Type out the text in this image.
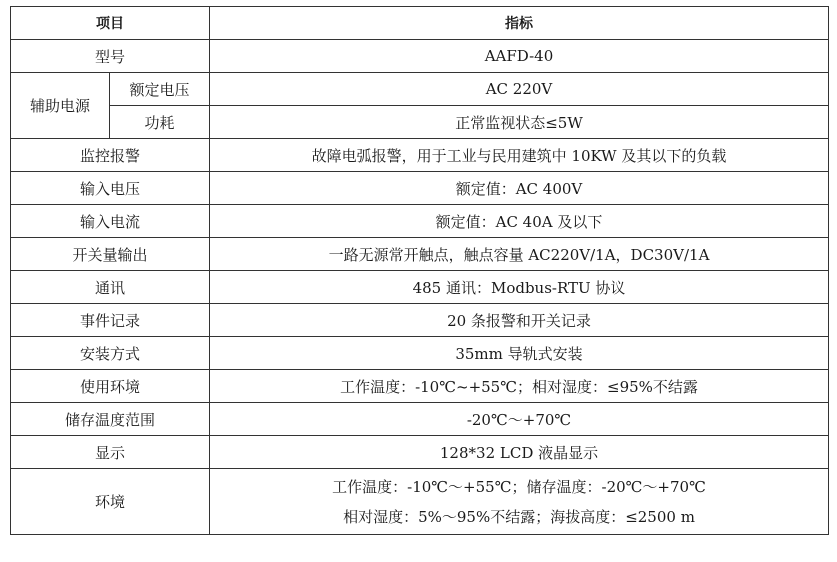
项目		指标
型号		AAFD-40
辅助电源	额定电压	AC 220V
	功耗	正常监视状态≤5W
监控报警		故障电弧报警，用于工业与民用建筑中 10KW 及其以下的负载
输入电压		额定值：AC 400V
输入电流		额定值：AC 40A 及以下
开关量输出		一路无源常开触点，触点容量 AC220V/1A，DC30V/1A
通讯		485 通讯：Modbus-RTU 协议
事件记录		20 条报警和开关记录
安装方式		35mm 导轨式安装
使用环境		工作温度：-10℃~+55℃；相对湿度：≤95%不结露
储存温度范围		-20℃～+70℃
显示		128*32 LCD 液晶显示
环境		工作温度：-10℃～+55℃；储存温度：-20℃～+70℃
相对湿度：5%～95%不结露；海拔高度：≤2500 m
